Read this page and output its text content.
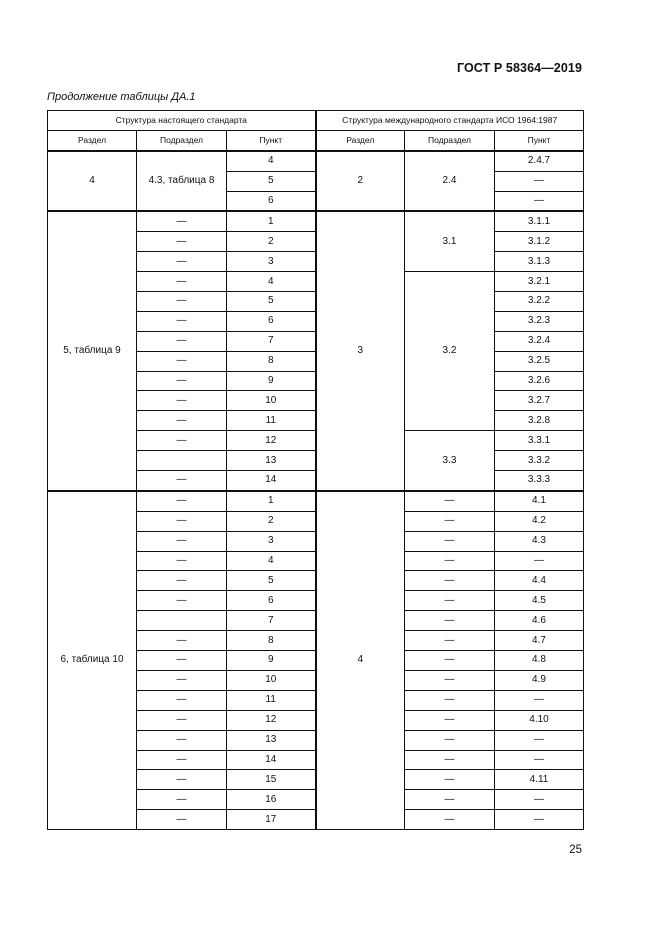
ГОСТ Р 58364—2019
Продолжение таблицы ДА.1
Структура настоящего стандарта			Структура международного стандарта ИСО 1964:1987		
Раздел	Подраздел	Пункт	Раздел	Подраздел	Пункт
4	4.3, таблица 8	4	2	2.4	2.4.7
		5			—
		6			—
5, таблица 9	—	1	3	3.1	3.1.1
	—	2			3.1.2
	—	3			3.1.3
	—	4		3.2	3.2.1
	—	5			3.2.2
	—	6			3.2.3
	—	7			3.2.4
	—	8			3.2.5
	—	9			3.2.6
	—	10			3.2.7
	—	11			3.2.8
	—	12		3.3	3.3.1
		13			3.3.2
	—	14			3.3.3
6, таблица 10	—	1	4	—	4.1
	—	2		—	4.2
	—	3		—	4.3
	—	4		—	—
	—	5		—	4.4
	—	6		—	4.5
		7		—	4.6
	—	8		—	4.7
	—	9		—	4.8
	—	10		—	4.9
	—	11		—	—
	—	12		—	4.10
	—	13		—	—
	—	14		—	—
	—	15		—	4.11
	—	16		—	—
	—	17		—	—
25
